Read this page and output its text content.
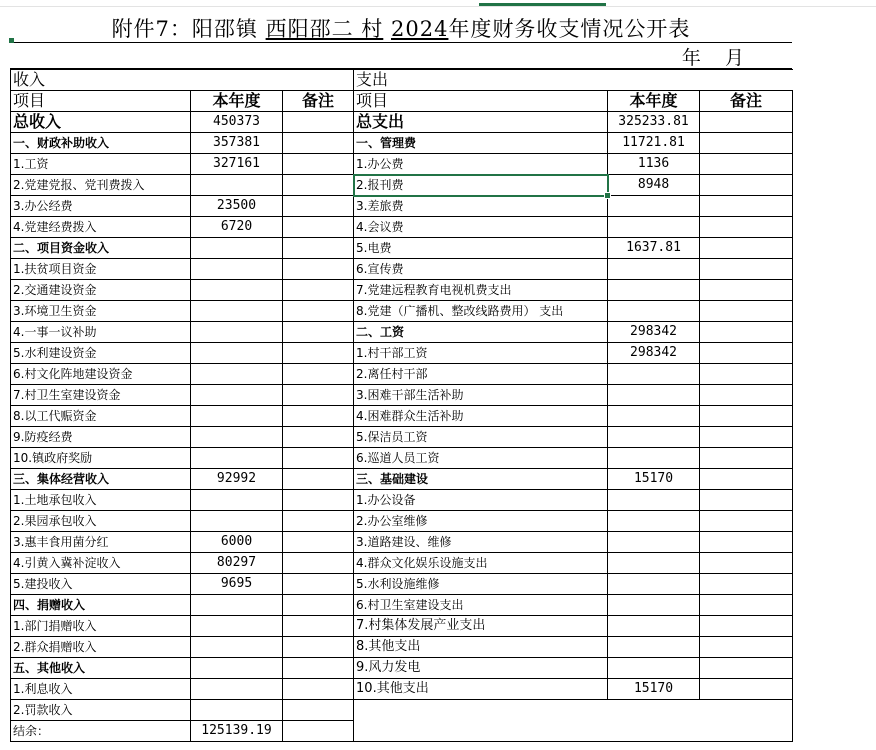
附件7：阳邵镇 西阳邵二 村 2024年度财务收支情况公开表
年    月
收入			支出		
项目	本年度	备注	项目	本年度	备注
总收入	450373		总支出	325233.81	
一、财政补助收入	357381		一、管理费	11721.81	
1.工资	327161		1.办公费	1136	
2.党建党报、党刊费拨入			2.报刊费	8948	
3.办公经费	23500		3.差旅费		
4.党建经费拨入	6720		4.会议费		
二、项目资金收入			5.电费	1637.81	
1.扶贫项目资金			6.宣传费		
2.交通建设资金			7.党建远程教育电视机费支出		
3.环境卫生资金			8.党建（广播机、整改线路费用） 支出		
4.一事一议补助			二、工资	298342	
5.水利建设资金			1.村干部工资	298342	
6.村文化阵地建设资金			2.离任村干部		
7.村卫生室建设资金			3.困难干部生活补助		
8.以工代赈资金			4.困难群众生活补助		
9.防疫经费			5.保洁员工资		
10.镇政府奖励			6.巡道人员工资		
三、集体经营收入	92992		三、基础建设	15170	
1.土地承包收入			1.办公设备		
2.果园承包收入			2.办公室维修		
3.惠丰食用菌分红	6000		3.道路建设、维修		
4.引黄入冀补淀收入	80297		4.群众文化娱乐设施支出		
5.建投收入	9695		5.水利设施维修		
四、捐赠收入			6.村卫生室建设支出		
1.部门捐赠收入			7.村集体发展产业支出		
2.群众捐赠收入			8.其他支出		
五、其他收入			9.风力发电		
1.利息收入			10.其他支出	15170	
2.罚款收入					
结余：	125139.19				
